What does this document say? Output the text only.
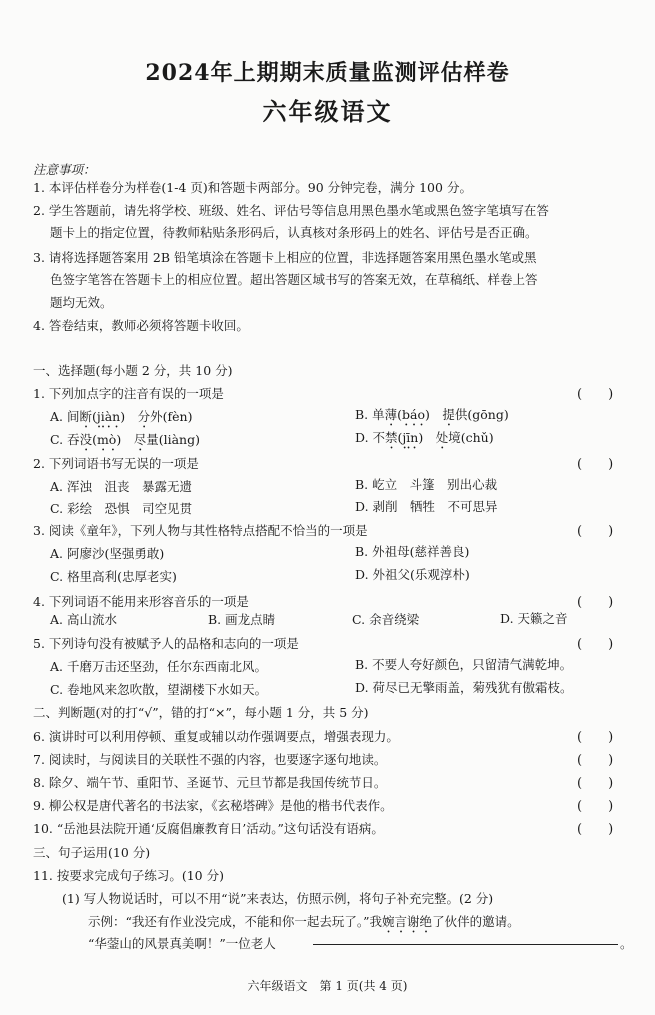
2024年上期期末质量监测评估样卷
六年级语文
注意事项：
1. 本评估样卷分为样卷(1-4 页)和答题卡两部分。90 分钟完卷，满分 100 分。
2. 学生答题前，请先将学校、班级、姓名、评估号等信息用黑色墨水笔或黑色签字笔填写在答
题卡上的指定位置，待教师粘贴条形码后，认真核对条形码上的姓名、评估号是否正确。
3. 请将选择题答案用 2B 铅笔填涂在答题卡上相应的位置，非选择题答案用黑色墨水笔或黑
色签字笔答在答题卡上的相应位置。超出答题区域书写的答案无效，在草稿纸、样卷上答
题均无效。
4. 答卷结束，教师必须将答题卡收回。
一、选择题(每小题 2 分，共 10 分)
1. 下列加点字的注音有误的一项是	(　　)
A. 间断(jiàn)　分外(fèn)	B. 单薄(báo)　提供(gōng)
C. 吞没(mò)　尽量(liàng)	D. 不禁(jīn)　处境(chǔ)
2. 下列词语书写无误的一项是	(　　)
A. 浑浊　沮丧　暴露无遗	B. 屹立　斗篷　别出心裁
C. 彩绘　恐惧　司空见贯	D. 剥削　牺牲　不可思异
3. 阅读《童年》，下列人物与其性格特点搭配不恰当的一项是	(　　)
A. 阿廖沙(坚强勇敢)	B. 外祖母(慈祥善良)
C. 格里高利(忠厚老实)	D. 外祖父(乐观淳朴)
4. 下列词语不能用来形容音乐的一项是	(　　)
A. 高山流水	B. 画龙点睛	C. 余音绕梁	D. 天籁之音
5. 下列诗句没有被赋予人的品格和志向的一项是	(　　)
A. 千磨万击还坚劲，任尔东西南北风。	B. 不要人夸好颜色，只留清气满乾坤。
C. 卷地风来忽吹散，望湖楼下水如天。	D. 荷尽已无擎雨盖，菊残犹有傲霜枝。
二、判断题(对的打“√”，错的打“×”，每小题 1 分，共 5 分)
6. 演讲时可以利用停顿、重复或辅以动作强调要点，增强表现力。	(　　)
7. 阅读时，与阅读目的关联性不强的内容，也要逐字逐句地读。	(　　)
8. 除夕、端午节、重阳节、圣诞节、元旦节都是我国传统节日。	(　　)
9. 柳公权是唐代著名的书法家，《玄秘塔碑》是他的楷书代表作。	(　　)
10. “岳池县法院开通‘反腐倡廉教育日’活动。”这句话没有语病。	(　　)
三、句子运用(10 分)
11. 按要求完成句子练习。(10 分)
(1) 写人物说话时，可以不用“说”来表达，仿照示例，将句子补充完整。(2 分)
示例：“我还有作业没完成，不能和你一起去玩了。”我婉言谢绝了伙伴的邀请。
“华蓥山的风景真美啊！”一位老人	。
六年级语文　第 1 页(共 4 页)
